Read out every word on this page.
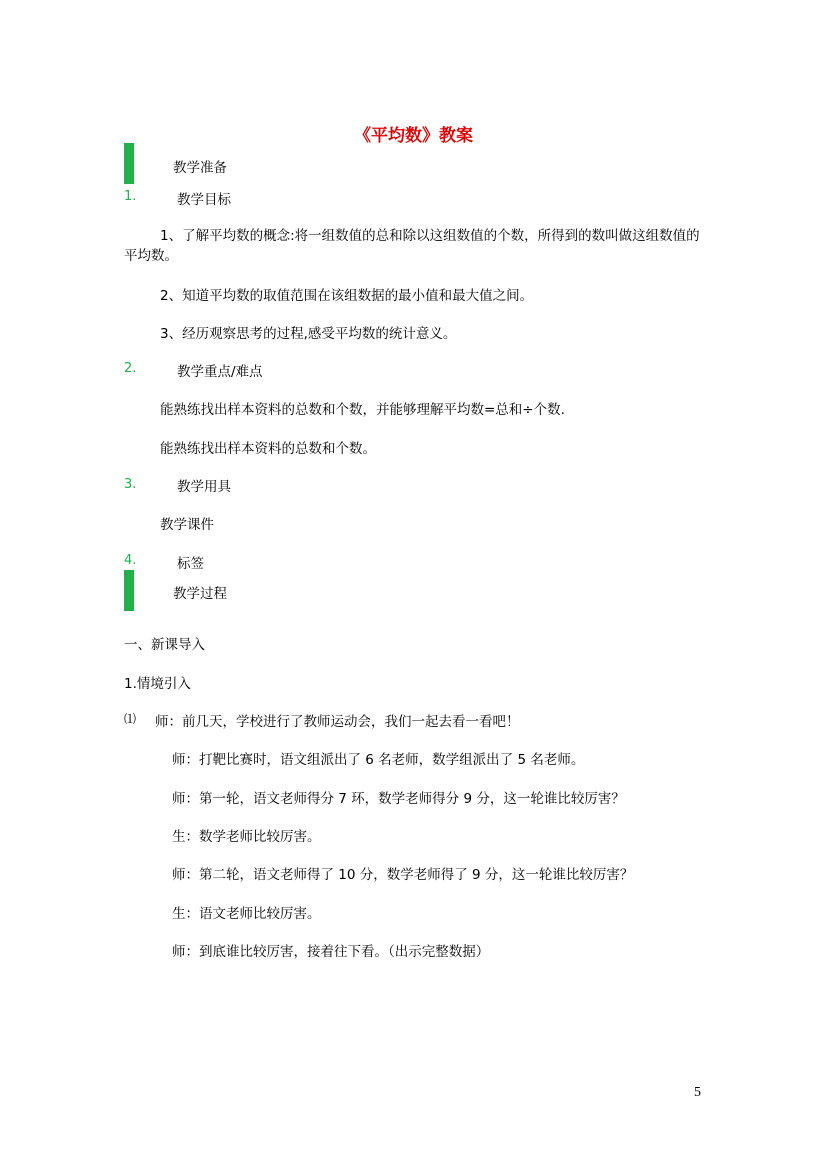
《平均数》教案
教学准备
1.	教学目标
1、了解平均数的概念:将一组数值的总和除以这组数值的个数，所得到的数叫做这组数值的平均数。
2、知道平均数的取值范围在该组数据的最小值和最大值之间。
3、经历观察思考的过程,感受平均数的统计意义。
2.	教学重点/难点
能熟练找出样本资料的总数和个数，并能够理解平均数=总和÷个数.
能熟练找出样本资料的总数和个数。
3.	教学用具
教学课件
4.	标签
教学过程
一、新课导入
1.情境引入
⑴ 师：前几天，学校进行了教师运动会，我们一起去看一看吧！
师：打靶比赛时，语文组派出了 6 名老师，数学组派出了 5 名老师。
师：第一轮，语文老师得分 7 环，数学老师得分 9 分，这一轮谁比较厉害？
生：数学老师比较厉害。
师：第二轮，语文老师得了 10 分，数学老师得了 9 分，这一轮谁比较厉害？
生：语文老师比较厉害。
师：到底谁比较厉害，接着往下看。（出示完整数据）
5
